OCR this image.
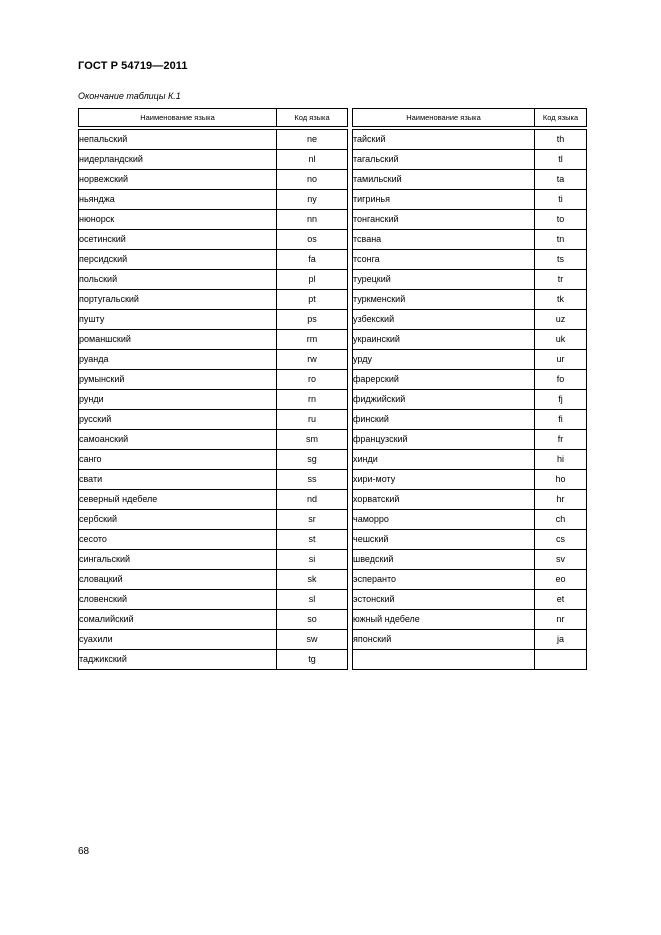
ГОСТ Р 54719—2011
Окончание таблицы К.1
Наименование языка	Код языка

непальский	ne
нидерландский	nl
норвежский	no
ньянджа	ny
нюнорск	nn
осетинский	os
персидский	fa
польский	pl
португальский	pt
пушту	ps
романшский	rm
руанда	rw
румынский	ro
рунди	rn
русский	ru
самоанский	sm
санго	sg
свати	ss
северный ндебеле	nd
сербский	sr
сесото	st
сингальский	si
словацкий	sk
словенский	sl
сомалийский	so
суахили	sw
таджикский	tg
Наименование языка	Код языка

тайский	th
тагальский	tl
тамильский	ta
тигринья	ti
тонганский	to
тсвана	tn
тсонга	ts
турецкий	tr
туркменский	tk
узбекский	uz
украинский	uk
урду	ur
фарерский	fo
фиджийский	fj
финский	fi
французский	fr
хинди	hi
хири-моту	ho
хорватский	hr
чаморро	ch
чешский	cs
шведский	sv
эсперанто	eo
эстонский	et
южный ндебеле	nr
японский	ja

68
